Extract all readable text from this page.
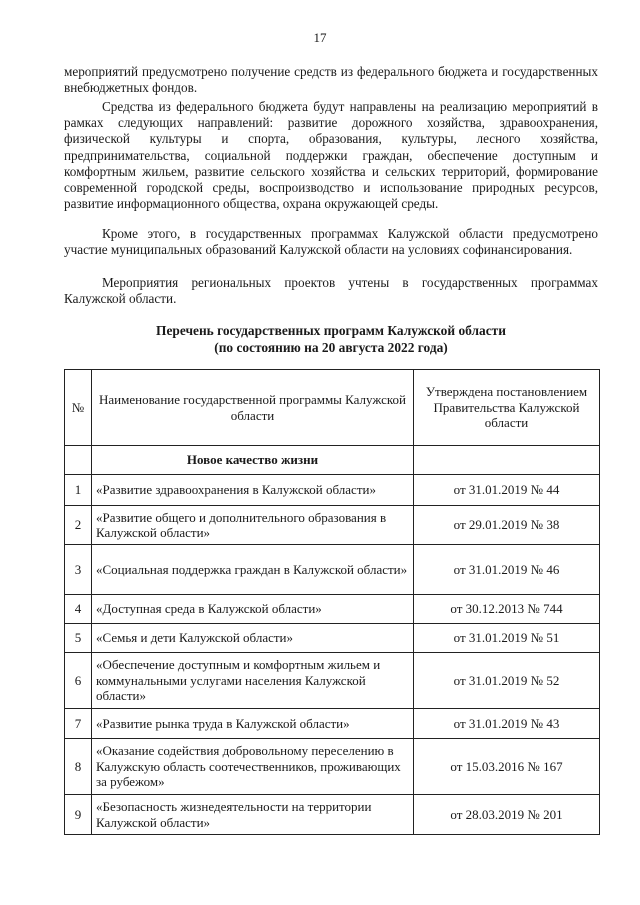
17

мероприятий предусмотрено получение средств из федерального бюджета и государственных внебюджетных фондов.

Средства из федерального бюджета будут направлены на реализацию мероприятий в рамках следующих направлений: развитие дорожного хозяйства, здравоохранения, физической культуры и спорта, образования, культуры, лесного хозяйства, предпринимательства, социальной поддержки граждан, обеспечение доступным и комфортным жильем, развитие сельского хозяйства и сельских территорий, формирование современной городской среды, воспроизводство и использование природных ресурсов, развитие информационного общества, охрана окружающей среды.

Кроме этого, в государственных программах Калужской области предусмотрено участие муниципальных образований Калужской области на условиях софинансирования.

Мероприятия региональных проектов учтены в государственных программах Калужской области.

Перечень государственных программ Калужской области
(по состоянию на 20 августа 2022 года)
№	Наименование государственной программы Калужской области	Утверждена постановлением Правительства Калужской области
	Новое качество жизни	
1	«Развитие здравоохранения в Калужской области»	от 31.01.2019 № 44
2	«Развитие общего и дополнительного образования в Калужской области»	от 29.01.2019 № 38
3	«Социальная поддержка граждан в Калужской области»	от 31.01.2019 № 46
4	«Доступная среда в Калужской области»	от 30.12.2013 № 744
5	«Семья и дети Калужской области»	от 31.01.2019 № 51
6	«Обеспечение доступным и комфортным жильем и коммунальными услугами населения Калужской области»	от 31.01.2019 № 52
7	«Развитие рынка труда в Калужской области»	от 31.01.2019 № 43
8	«Оказание содействия добровольному переселению в Калужскую область соотечественников, проживающих за рубежом»	от 15.03.2016 № 167
9	«Безопасность жизнедеятельности на территории Калужской области»	от 28.03.2019 № 201
